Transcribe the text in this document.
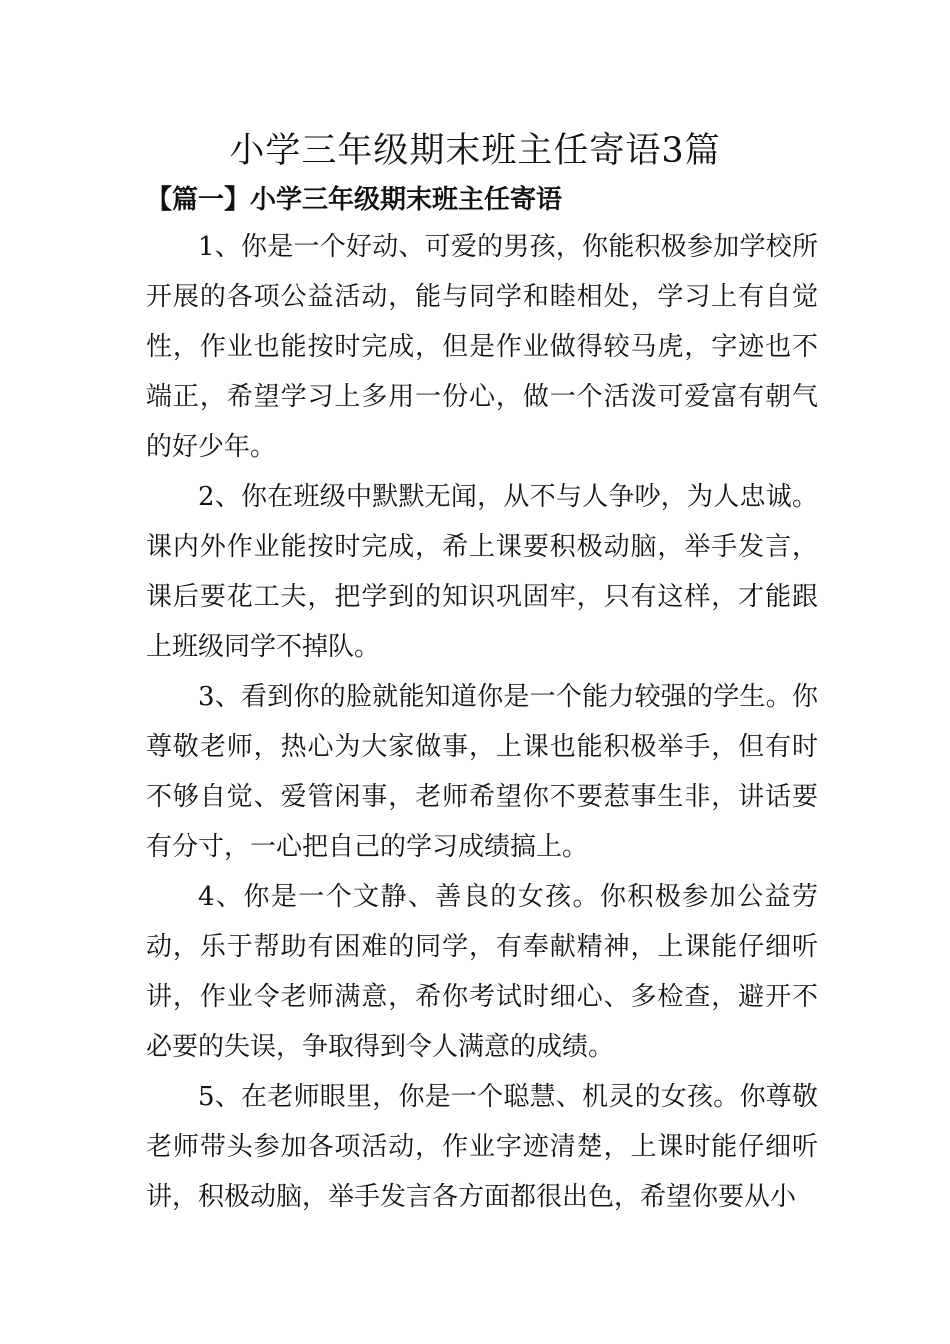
小学三年级期末班主任寄语3篇
【篇一】小学三年级期末班主任寄语

1、你是一个好动、可爱的男孩，你能积极参加学校所开展的各项公益活动，能与同学和睦相处，学习上有自觉性，作业也能按时完成，但是作业做得较马虎，字迹也不端正，希望学习上多用一份心，做一个活泼可爱富有朝气的好少年。

2、你在班级中默默无闻，从不与人争吵，为人忠诚。课内外作业能按时完成，希上课要积极动脑，举手发言，课后要花工夫，把学到的知识巩固牢，只有这样，才能跟上班级同学不掉队。

3、看到你的脸就能知道你是一个能力较强的学生。你尊敬老师，热心为大家做事，上课也能积极举手，但有时不够自觉、爱管闲事，老师希望你不要惹事生非，讲话要有分寸，一心把自己的学习成绩搞上。

4、你是一个文静、善良的女孩。你积极参加公益劳动，乐于帮助有困难的同学，有奉献精神，上课能仔细听讲，作业令老师满意，希你考试时细心、多检查，避开不必要的失误，争取得到令人满意的成绩。

5、在老师眼里，你是一个聪慧、机灵的女孩。你尊敬老师带头参加各项活动，作业字迹清楚，上课时能仔细听讲，积极动脑，举手发言各方面都很出色，希望你要从小
